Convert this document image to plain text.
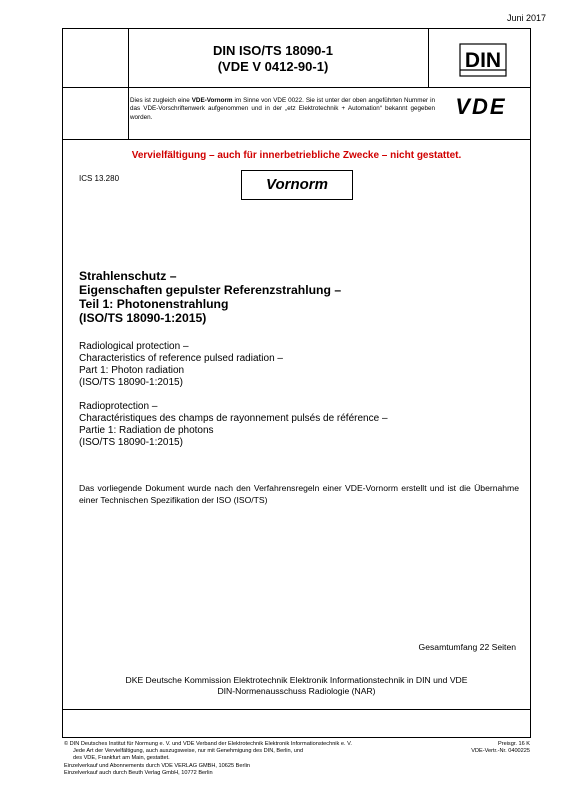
Juni 2017
DIN ISO/TS 18090-1
(VDE V 0412-90-1)	DIN
Dies ist zugleich eine VDE-Vornorm im Sinne von VDE 0022. Sie ist unter der oben angeführten Nummer in das VDE-Vorschriftenwerk aufgenommen und in der „etz Elektrotechnik + Automation“ bekannt gegeben worden.	VDE
Vervielfältigung – auch für innerbetriebliche Zwecke – nicht gestattet.
ICS 13.280	Vornorm
Strahlenschutz –
Eigenschaften gepulster Referenzstrahlung –
Teil 1: Photonenstrahlung
(ISO/TS 18090-1:2015)
Radiological protection –
Characteristics of reference pulsed radiation –
Part 1: Photon radiation
(ISO/TS 18090-1:2015)
Radioprotection –
Charactéristiques des champs de rayonnement pulsés de référence –
Partie 1: Radiation de photons
(ISO/TS 18090-1:2015)
Das vorliegende Dokument wurde nach den Verfahrensregeln einer VDE-Vornorm erstellt und ist die Übernahme einer Technischen Spezifikation der ISO (ISO/TS)
Gesamtumfang 22 Seiten
DKE Deutsche Kommission Elektrotechnik Elektronik Informationstechnik in DIN und VDE
DIN-Normenausschuss Radiologie (NAR)
© DIN Deutsches Institut für Normung e. V. und VDE Verband der Elektrotechnik Elektronik Informationstechnik e. V.
Jede Art der Vervielfältigung, auch auszugsweise, nur mit Genehmigung des DIN, Berlin, und
des VDE, Frankfurt am Main, gestattet.
Einzelverkauf und Abonnements durch VDE VERLAG GMBH, 10625 Berlin
Einzelverkauf auch durch Beuth Verlag GmbH, 10772 Berlin
Preisgr. 16 K
VDE-Vertr.-Nr. 0400225
